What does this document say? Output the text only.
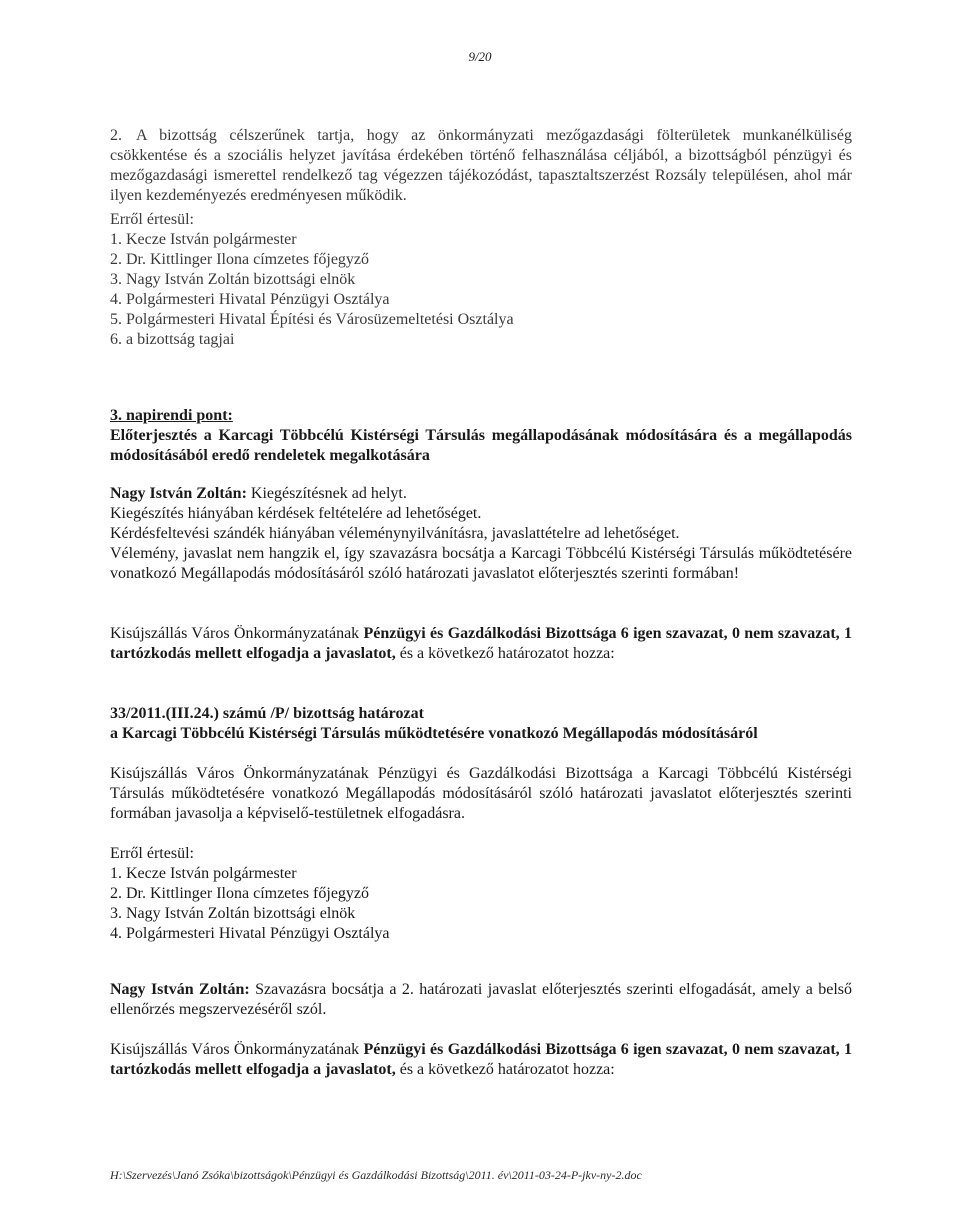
9/20
2. A bizottság célszerűnek tartja, hogy az önkormányzati mezőgazdasági fölterületek munkanélküliség csökkentése és a szociális helyzet javítása érdekében történő felhasználása céljából, a bizottságból pénzügyi és mezőgazdasági ismerettel rendelkező tag végezzen tájékozódást, tapasztaltszerzést Rozsály településen, ahol már ilyen kezdeményezés eredményesen működik.

Erről értesül:
1. Kecze István polgármester
2. Dr. Kittlinger Ilona címzetes főjegyző
3. Nagy István Zoltán bizottsági elnök
4. Polgármesteri Hivatal Pénzügyi Osztálya
5. Polgármesteri Hivatal Építési és Városüzemeltetési Osztálya
6. a bizottság tagjai
3. napirendi pont:
Előterjesztés a Karcagi Többcélú Kistérségi Társulás megállapodásának módosítására és a megállapodás módosításából eredő rendeletek megalkotására

Nagy István Zoltán: Kiegészítésnek ad helyt.

Kiegészítés hiányában kérdések feltételére ad lehetőséget.

Kérdésfeltevési szándék hiányában véleménynyilvánításra, javaslattételre ad lehetőséget.

Vélemény, javaslat nem hangzik el, így szavazásra bocsátja a Karcagi Többcélú Kistérségi Társulás működtetésére vonatkozó Megállapodás módosításáról szóló határozati javaslatot előterjesztés szerinti formában!

Kisújszállás Város Önkormányzatának Pénzügyi és Gazdálkodási Bizottsága 6 igen szavazat, 0 nem szavazat, 1 tartózkodás mellett elfogadja a javaslatot, és a következő határozatot hozza:
33/2011.(III.24.) számú /P/ bizottság határozat
a Karcagi Többcélú Kistérségi Társulás működtetésére vonatkozó Megállapodás módosításáról
Kisújszállás Város Önkormányzatának Pénzügyi és Gazdálkodási Bizottsága a Karcagi Többcélú Kistérségi Társulás működtetésére vonatkozó Megállapodás módosításáról szóló határozati javaslatot előterjesztés szerinti formában javasolja a képviselő-testületnek elfogadásra.
Erről értesül:
1. Kecze István polgármester
2. Dr. Kittlinger Ilona címzetes főjegyző
3. Nagy István Zoltán bizottsági elnök
4. Polgármesteri Hivatal Pénzügyi Osztálya
Nagy István Zoltán: Szavazásra bocsátja a 2. határozati javaslat előterjesztés szerinti elfogadását, amely a belső ellenőrzés megszervezéséről szól.
Kisújszállás Város Önkormányzatának Pénzügyi és Gazdálkodási Bizottsága 6 igen szavazat, 0 nem szavazat, 1 tartózkodás mellett elfogadja a javaslatot, és a következő határozatot hozza:
H:\Szervezés\Janó Zsóka\bizottságok\Pénzügyi és Gazdálkodási Bizottság\2011. év\2011-03-24-P-jkv-ny-2.doc
